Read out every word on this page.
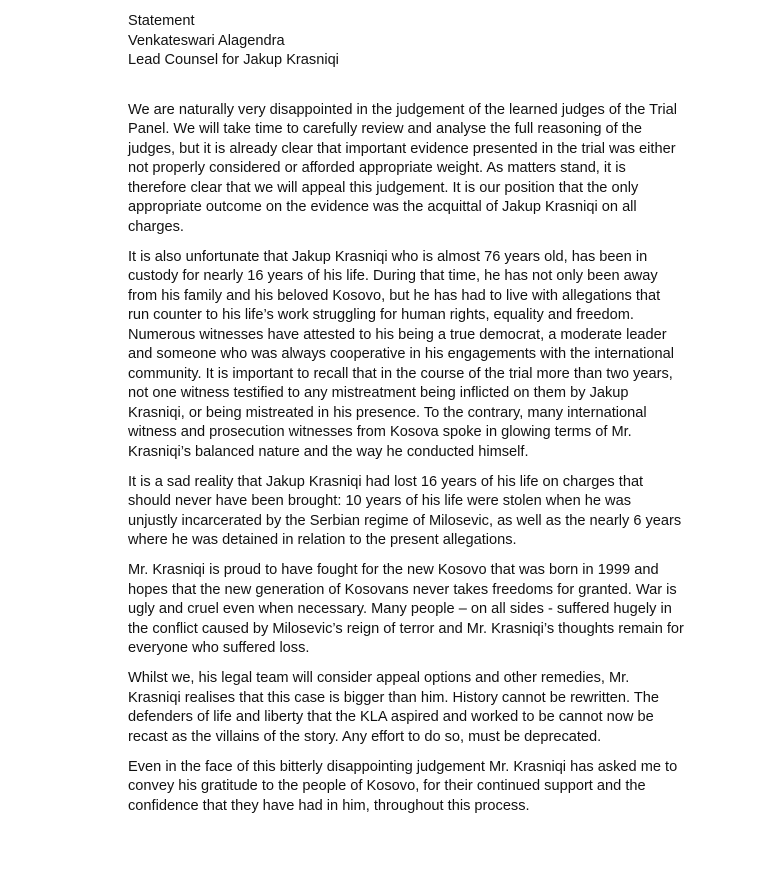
Statement

Venkateswari Alagendra

Lead Counsel for Jakup Krasniqi

We are naturally very disappointed in the judgement of the learned judges of the Trial Panel. We will take time to carefully review and analyse the full reasoning of the judges, but it is already clear that important evidence presented in the trial was either not properly considered or afforded appropriate weight. As matters stand, it is therefore clear that we will appeal this judgement. It is our position that the only appropriate outcome on the evidence was the acquittal of Jakup Krasniqi on all charges.

It is also unfortunate that Jakup Krasniqi who is almost 76 years old, has been in custody for nearly 16 years of his life. During that time, he has not only been away from his family and his beloved Kosovo, but he has had to live with allegations that run counter to his life’s work struggling for human rights, equality and freedom. Numerous witnesses have attested to his being a true democrat, a moderate leader and someone who was always cooperative in his engagements with the international community. It is important to recall that in the course of the trial more than two years, not one witness testified to any mistreatment being inflicted on them by Jakup Krasniqi, or being mistreated in his presence. To the contrary, many international witness and prosecution witnesses from Kosova spoke in glowing terms of Mr. Krasniqi’s balanced nature and the way he conducted himself.

It is a sad reality that Jakup Krasniqi had lost 16 years of his life on charges that should never have been brought: 10 years of his life were stolen when he was unjustly incarcerated by the Serbian regime of Milosevic, as well as the nearly 6 years where he was detained in relation to the present allegations.

Mr. Krasniqi is proud to have fought for the new Kosovo that was born in 1999 and hopes that the new generation of Kosovans never takes freedoms for granted. War is ugly and cruel even when necessary. Many people – on all sides - suffered hugely in the conflict caused by Milosevic’s reign of terror and Mr. Krasniqi’s thoughts remain for everyone who suffered loss.

Whilst we, his legal team will consider appeal options and other remedies, Mr. Krasniqi realises that this case is bigger than him. History cannot be rewritten. The defenders of life and liberty that the KLA aspired and worked to be cannot now be recast as the villains of the story. Any effort to do so, must be deprecated.

Even in the face of this bitterly disappointing judgement Mr. Krasniqi has asked me to convey his gratitude to the people of Kosovo, for their continued support and the confidence that they have had in him, throughout this process.
